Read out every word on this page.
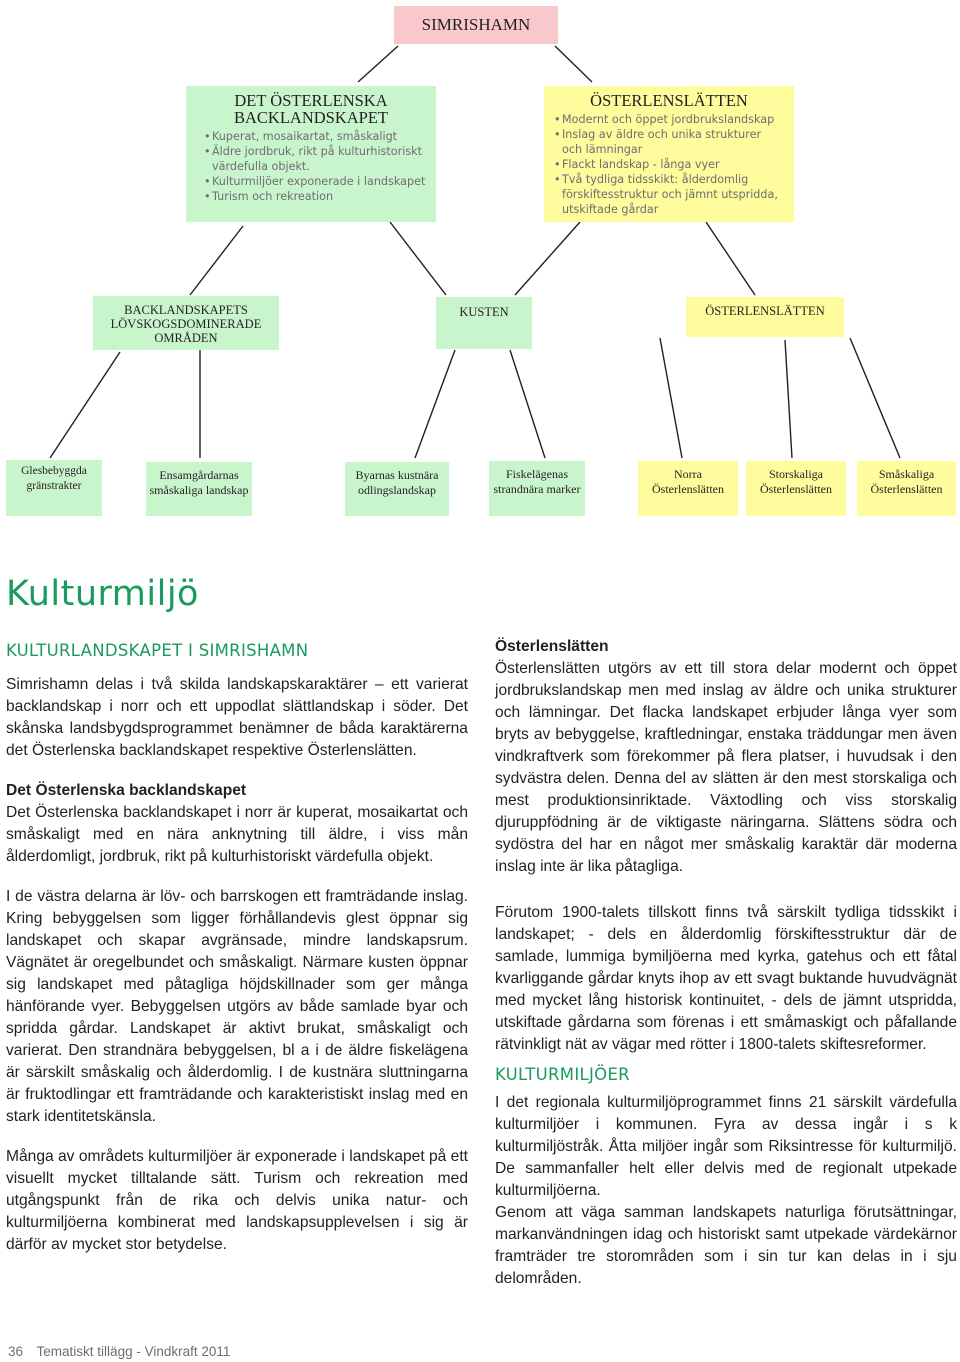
SIMRISHAMN
DET ÖSTERLENSKA BACKLANDSKAPET
• Kuperat, mosaikartat, småskaligt
• Äldre jordbruk, rikt på kulturhistoriskt värdefulla objekt.
• Kulturmiljöer exponerade i landskapet
• Turism och rekreation
ÖSTERLENSLÄTTEN
• Modernt och öppet jordbrukslandskap
• Inslag av äldre och unika strukturer och lämningar
• Flackt landskap - långa vyer
• Två tydliga tidsskikt: ålderdomlig förskiftesstruktur och jämnt utspridda, utskiftade gårdar
BACKLANDSKAPETS LÖVSKOGSDOMINERADE OMRÅDEN
KUSTEN	ÖSTERLENSLÄTTEN
Glesbebyggda gränstrakter
Ensamgårdarnas småskaliga landskap
Byarnas kustnära odlingslandskap
Fiskelägenas strandnära marker
Norra Österlenslätten
Storskaliga Österlenslätten
Småskaliga Österlenslätten
Kulturmiljö
KULTURLANDSKAPET I SIMRISHAMN

Simrishamn delas i två skilda landskapskaraktärer – ett varierat backlandskap i norr och ett uppodlat slättlandskap i söder. Det skånska landsbygdsprogrammet benämner de båda karaktärerna det Österlenska backlandskapet respektive Österlenslätten.

Det Österlenska backlandskapet

Det Österlenska backlandskapet i norr är kuperat, mosaikartat och småskaligt med en nära anknytning till äldre, i viss mån ålderdomligt, jordbruk, rikt på kulturhistoriskt värdefulla objekt.

I de västra delarna är löv- och barrskogen ett framträdande inslag. Kring bebyggelsen som ligger förhållandevis glest öppnar sig landskapet och skapar avgränsade, mindre landskapsrum. Vägnätet är oregelbundet och småskaligt. Närmare kusten öppnar sig landskapet med påtagliga höjdskillnader som ger många hänförande vyer. Bebyggelsen utgörs av både samlade byar och spridda gårdar. Landskapet är aktivt brukat, småskaligt och varierat. Den strandnära bebyggelsen, bl a i de äldre fiskelägena är särskilt småskalig och ålderdomlig. I de kustnära sluttningarna är fruktodlingar ett framträdande och karakteristiskt inslag med en stark identitetskänsla.

Många av områdets kulturmiljöer är exponerade i landskapet på ett visuellt mycket tilltalande sätt. Turism och rekreation med utgångspunkt från de rika och delvis unika natur- och kulturmiljöerna kombinerat med landskapsupplevelsen i sig är därför av mycket stor betydelse.

Österlenslätten

Österlenslätten utgörs av ett till stora delar modernt och öppet jordbrukslandskap men med inslag av äldre och unika strukturer och lämningar. Det flacka landskapet erbjuder långa vyer som bryts av bebyggelse, kraftledningar, enstaka träddungar men även vindkraftverk som förekommer på flera platser, i huvudsak i den sydvästra delen. Denna del av slätten är den mest storskaliga och mest produktionsinriktade. Växtodling och viss storskalig djuruppfödning är de viktigaste näringarna. Slättens södra och sydöstra del har en något mer småskalig karaktär där moderna inslag inte är lika påtagliga.

Förutom 1900-talets tillskott finns två särskilt tydliga tidsskikt i landskapet; - dels en ålderdomlig förskiftesstruktur där de samlade, lummiga bymiljöerna med kyrka, gatehus och ett fåtal kvarliggande gårdar knyts ihop av ett svagt buktande huvudvägnät med mycket lång historisk kontinuitet, - dels de jämnt utspridda, utskiftade gårdarna som förenas i ett småmaskigt och påfallande rätvinkligt nät av vägar med rötter i 1800-talets skiftesreformer.

KULTURMILJÖER

I det regionala kulturmiljöprogrammet finns 21 särskilt värdefulla kulturmiljöer i kommunen. Fyra av dessa ingår i s k kulturmiljöstråk. Åtta miljöer ingår som Riksintresse för kulturmiljö. De sammanfaller helt eller delvis med de regionalt utpekade kulturmiljöerna.

Genom att väga samman landskapets naturliga förutsättningar, markanvändningen idag och historiskt samt utpekade värdekärnor framträder tre storområden som i sin tur kan delas in i sju delområden.

36 Tematiskt tillägg - Vindkraft 2011
